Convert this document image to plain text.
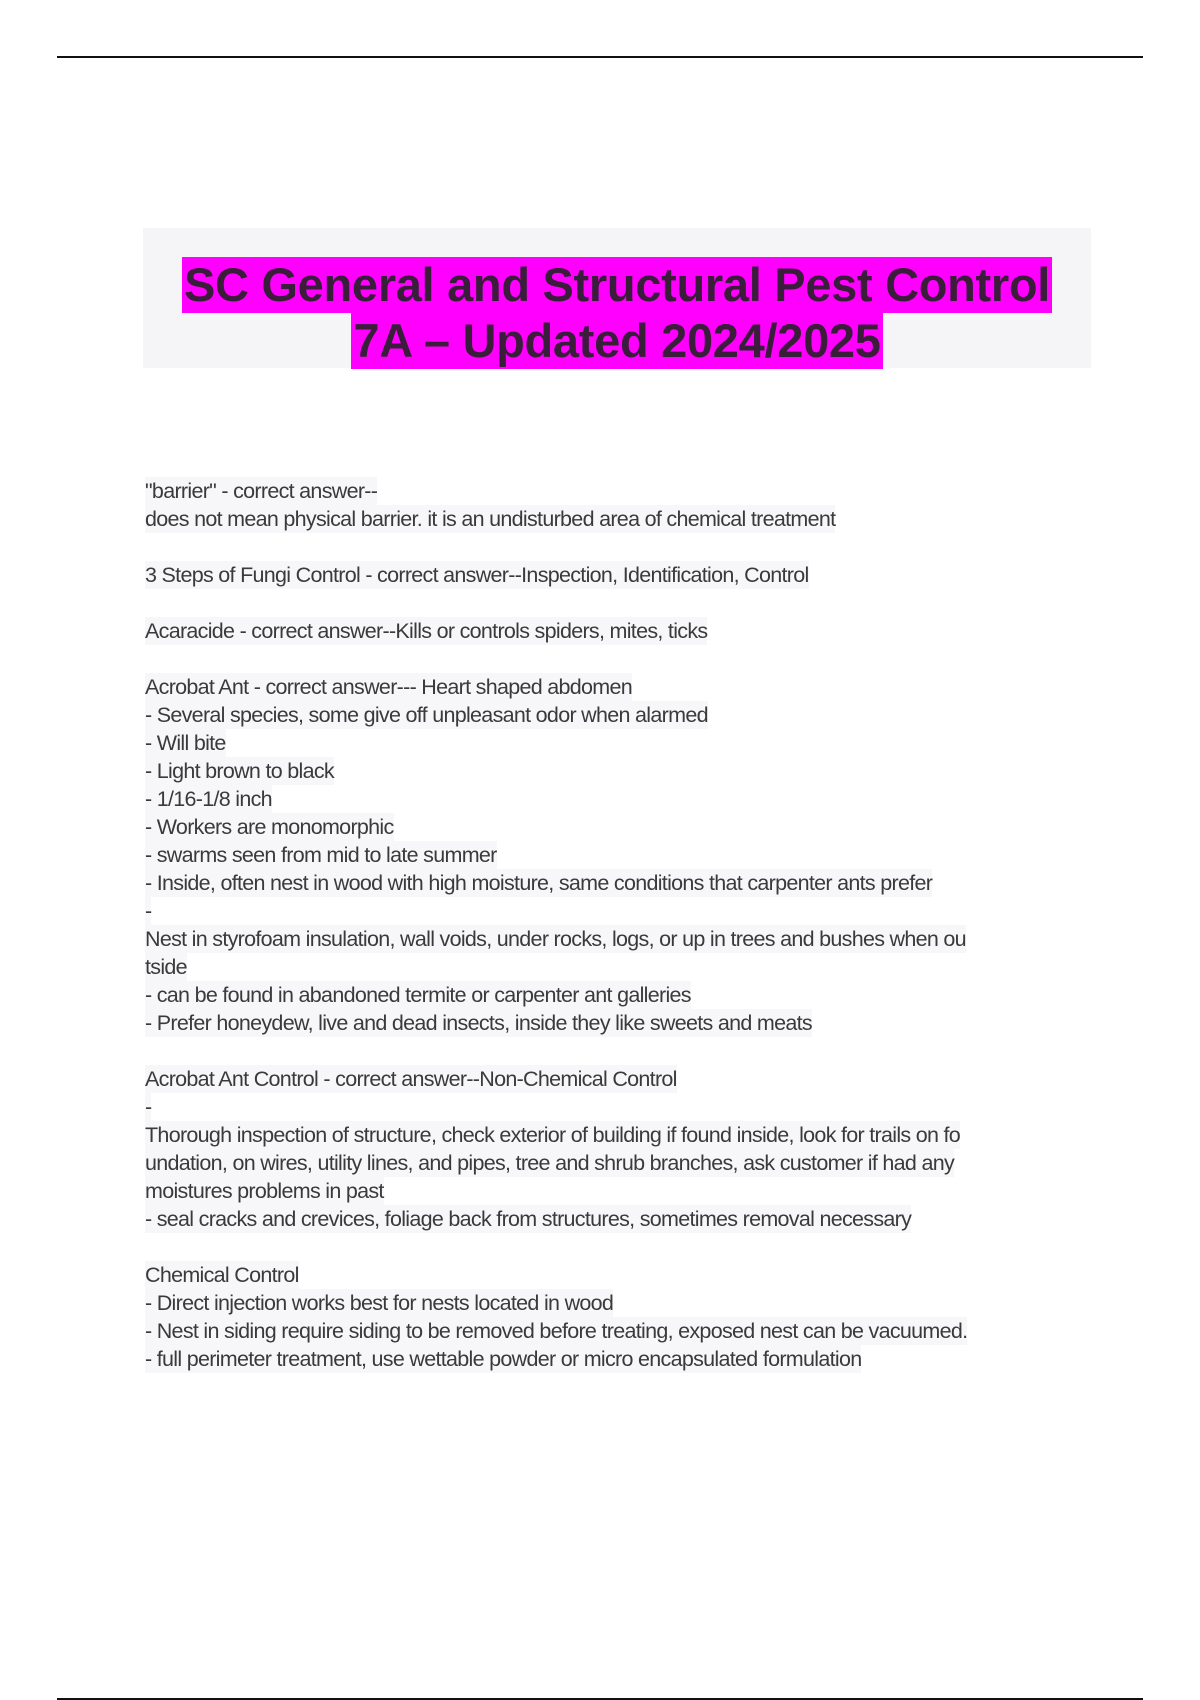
SC General and Structural Pest Control
7A – Updated 2024/2025
"barrier" - correct answer--
does not mean physical barrier. it is an undisturbed area of chemical treatment
3 Steps of Fungi Control - correct answer--Inspection, Identification, Control
Acaracide - correct answer--Kills or controls spiders, mites, ticks
Acrobat Ant - correct answer--- Heart shaped abdomen
- Several species, some give off unpleasant odor when alarmed
- Will bite
- Light brown to black
- 1/16-1/8 inch
- Workers are monomorphic
- swarms seen from mid to late summer
- Inside, often nest in wood with high moisture, same conditions that carpenter ants prefer
-
Nest in styrofoam insulation, wall voids, under rocks, logs, or up in trees and bushes when ou
tside
- can be found in abandoned termite or carpenter ant galleries
- Prefer honeydew, live and dead insects, inside they like sweets and meats
Acrobat Ant Control - correct answer--Non-Chemical Control
-
Thorough inspection of structure, check exterior of building if found inside, look for trails on fo
undation, on wires, utility lines, and pipes, tree and shrub branches, ask customer if had any
moistures problems in past
- seal cracks and crevices, foliage back from structures, sometimes removal necessary
Chemical Control
- Direct injection works best for nests located in wood
- Nest in siding require siding to be removed before treating, exposed nest can be vacuumed.
- full perimeter treatment, use wettable powder or micro encapsulated formulation
